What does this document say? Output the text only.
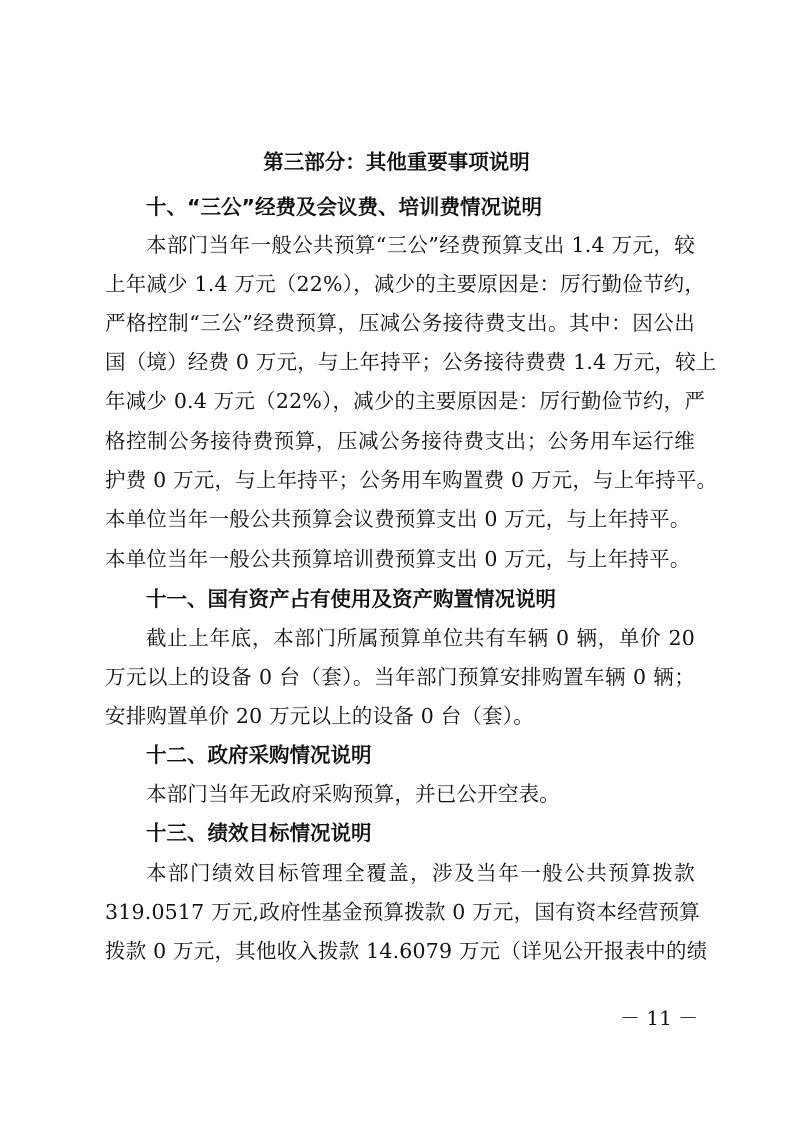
第三部分：其他重要事项说明
十、“三公”经费及会议费、培训费情况说明
本部门当年一般公共预算“三公”经费预算支出 1.4 万元，较
上年减少 1.4 万元（22%），减少的主要原因是：厉行勤俭节约，
严格控制“三公”经费预算，压减公务接待费支出。其中：因公出
国（境）经费 0 万元，与上年持平；公务接待费费 1.4 万元，较上
年减少 0.4 万元（22%），减少的主要原因是：厉行勤俭节约，严
格控制公务接待费预算，压减公务接待费支出；公务用车运行维
护费 0 万元，与上年持平；公务用车购置费 0 万元，与上年持平。
本单位当年一般公共预算会议费预算支出 0 万元，与上年持平。
本单位当年一般公共预算培训费预算支出 0 万元，与上年持平。
十一、国有资产占有使用及资产购置情况说明
截止上年底，本部门所属预算单位共有车辆 0 辆，单价 20
万元以上的设备 0 台（套）。当年部门预算安排购置车辆 0 辆；
安排购置单价 20 万元以上的设备 0 台（套）。
十二、政府采购情况说明
本部门当年无政府采购预算，并已公开空表。
十三、绩效目标情况说明
本部门绩效目标管理全覆盖，涉及当年一般公共预算拨款
319.0517 万元,政府性基金预算拨款 0 万元，国有资本经营预算
拨款 0 万元，其他收入拨款 14.6079 万元（详见公开报表中的绩
－ 11 －
